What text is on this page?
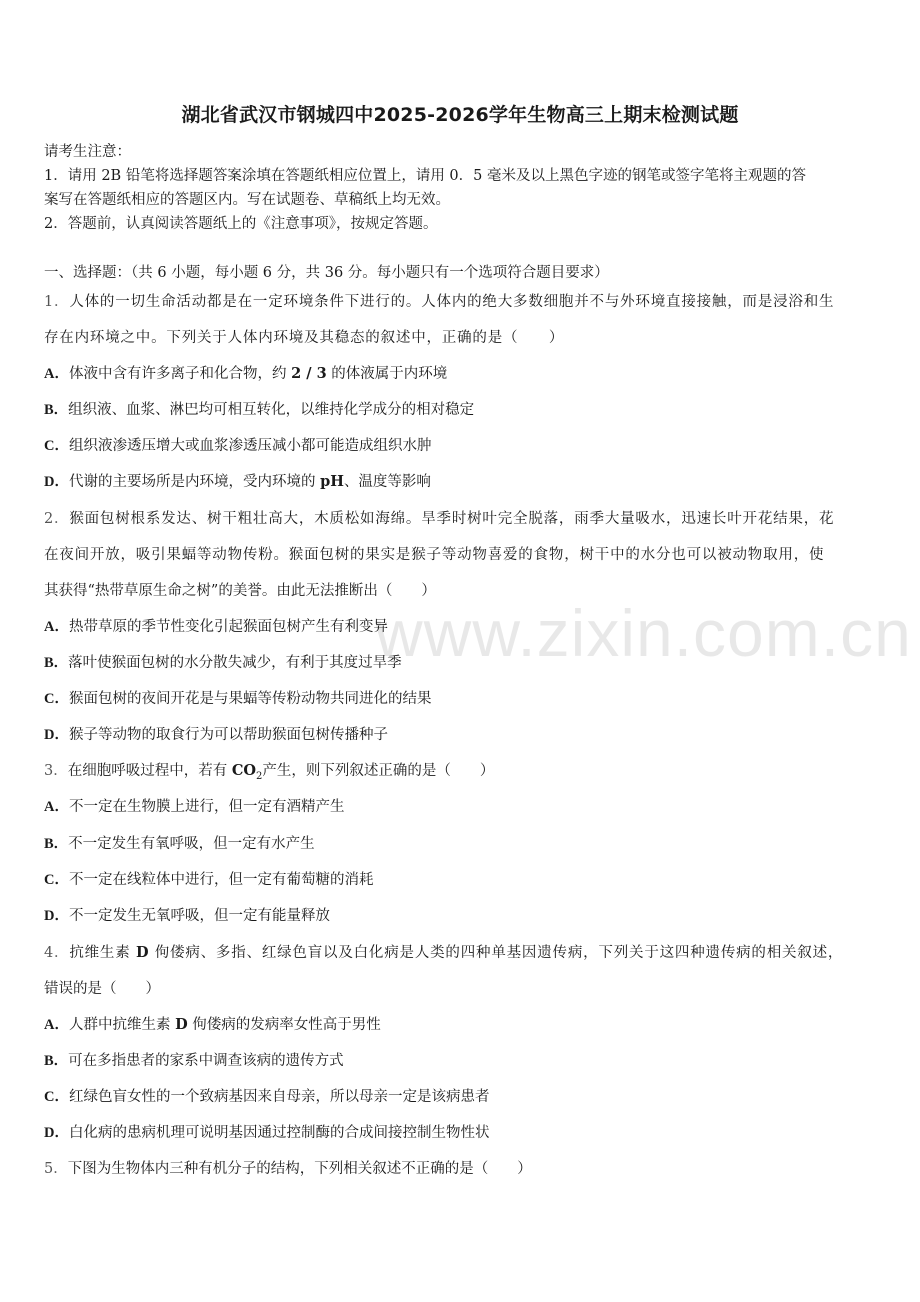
湖北省武汉市钢城四中2025-2026学年生物高三上期末检测试题
请考生注意：
1．请用 2B 铅笔将选择题答案涂填在答题纸相应位置上，请用 0．5 毫米及以上黑色字迹的钢笔或签字笔将主观题的答
案写在答题纸相应的答题区内。写在试题卷、草稿纸上均无效。
2．答题前，认真阅读答题纸上的《注意事项》，按规定答题。
一、选择题：（共 6 小题，每小题 6 分，共 36 分。每小题只有一个选项符合题目要求）
1．人体的一切生命活动都是在一定环境条件下进行的。人体内的绝大多数细胞并不与外环境直接接触，而是浸浴和生
存在内环境之中。下列关于人体内环境及其稳态的叙述中，正确的是（　　）
A．体液中含有许多离子和化合物，约 2 / 3 的体液属于内环境
B．组织液、血浆、淋巴均可相互转化，以维持化学成分的相对稳定
C．组织液渗透压增大或血浆渗透压减小都可能造成组织水肿
D．代谢的主要场所是内环境，受内环境的 pH、温度等影响
2．猴面包树根系发达、树干粗壮高大，木质松如海绵。旱季时树叶完全脱落，雨季大量吸水，迅速长叶开花结果，花
在夜间开放，吸引果蝠等动物传粉。猴面包树的果实是猴子等动物喜爱的食物，树干中的水分也可以被动物取用，使
其获得“热带草原生命之树”的美誉。由此无法推断出（　　）
A．热带草原的季节性变化引起猴面包树产生有利变异
B．落叶使猴面包树的水分散失减少，有利于其度过旱季
C．猴面包树的夜间开花是与果蝠等传粉动物共同进化的结果
D．猴子等动物的取食行为可以帮助猴面包树传播种子
3．在细胞呼吸过程中，若有 $CO_2$产生，则下列叙述正确的是（　　）
A．不一定在生物膜上进行，但一定有酒精产生
B．不一定发生有氧呼吸，但一定有水产生
C．不一定在线粒体中进行，但一定有葡萄糖的消耗
D．不一定发生无氧呼吸，但一定有能量释放
4．抗维生素 D 佝偻病、多指、红绿色盲以及白化病是人类的四种单基因遗传病，下列关于这四种遗传病的相关叙述，
错误的是（　　）
A．人群中抗维生素 D 佝偻病的发病率女性高于男性
B．可在多指患者的家系中调查该病的遗传方式
C．红绿色盲女性的一个致病基因来自母亲，所以母亲一定是该病患者
D．白化病的患病机理可说明基因通过控制酶的合成间接控制生物性状
5．下图为生物体内三种有机分子的结构，下列相关叙述不正确的是（　　）
www.zixin.com.cn
